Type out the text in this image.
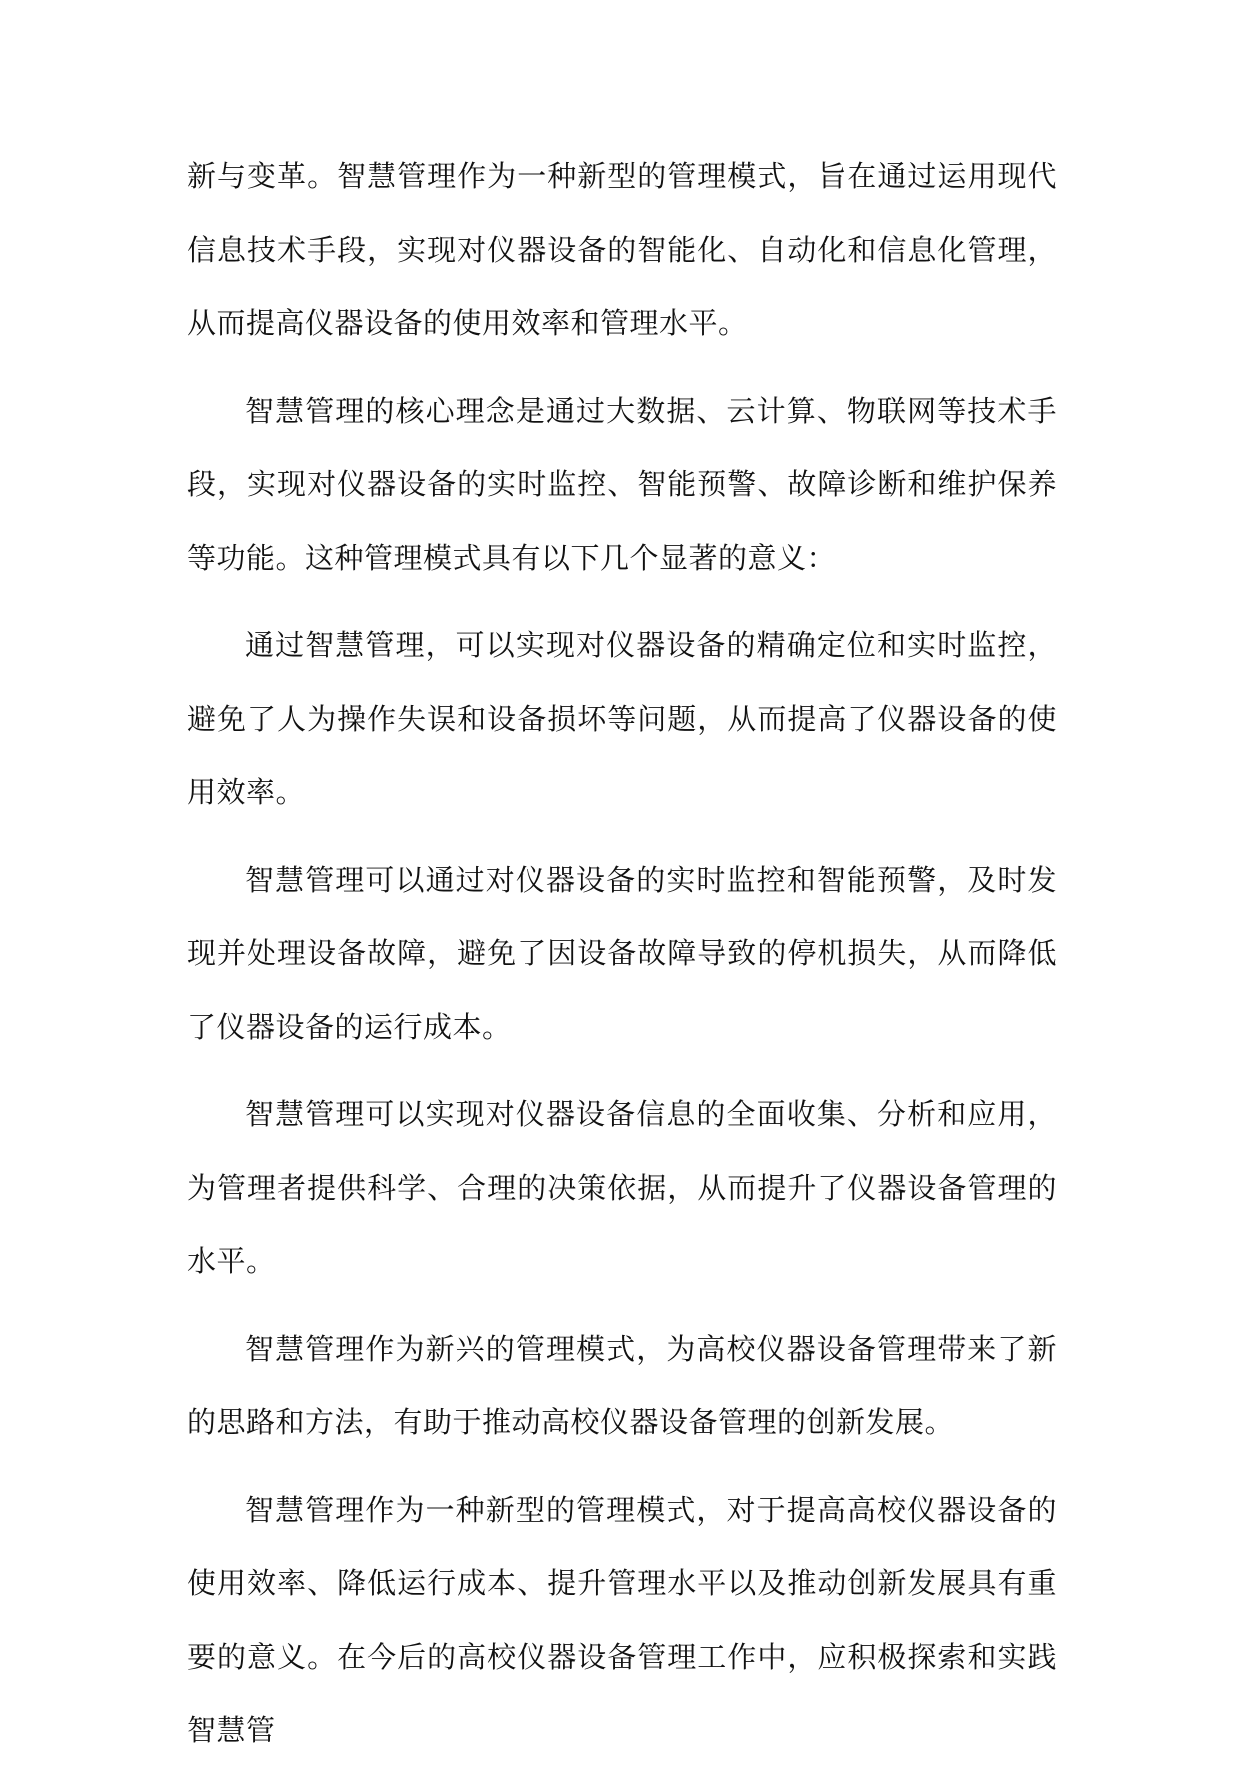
新与变革。智慧管理作为一种新型的管理模式，旨在通过运用现代信息技术手段，实现对仪器设备的智能化、自动化和信息化管理，从而提高仪器设备的使用效率和管理水平。

智慧管理的核心理念是通过大数据、云计算、物联网等技术手段，实现对仪器设备的实时监控、智能预警、故障诊断和维护保养等功能。这种管理模式具有以下几个显著的意义：

通过智慧管理，可以实现对仪器设备的精确定位和实时监控，避免了人为操作失误和设备损坏等问题，从而提高了仪器设备的使用效率。

智慧管理可以通过对仪器设备的实时监控和智能预警，及时发现并处理设备故障，避免了因设备故障导致的停机损失，从而降低了仪器设备的运行成本。

智慧管理可以实现对仪器设备信息的全面收集、分析和应用，为管理者提供科学、合理的决策依据，从而提升了仪器设备管理的水平。

智慧管理作为新兴的管理模式，为高校仪器设备管理带来了新的思路和方法，有助于推动高校仪器设备管理的创新发展。

智慧管理作为一种新型的管理模式，对于提高高校仪器设备的使用效率、降低运行成本、提升管理水平以及推动创新发展具有重要的意义。在今后的高校仪器设备管理工作中，应积极探索和实践智慧管
